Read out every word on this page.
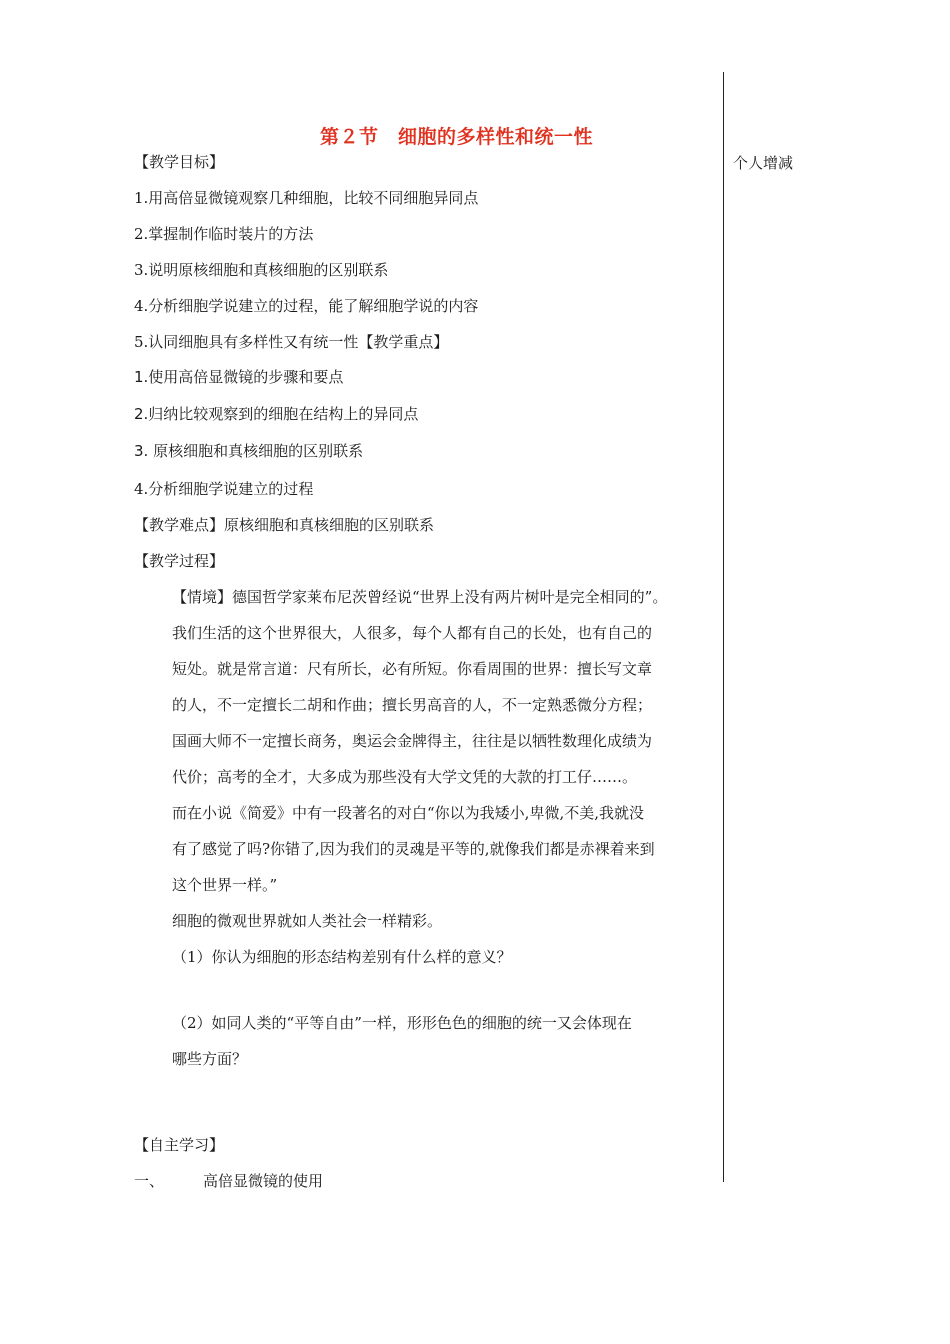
个人增减
第２节　细胞的多样性和统一性
【教学目标】
1.用高倍显微镜观察几种细胞，比较不同细胞异同点
2.掌握制作临时装片的方法
3.说明原核细胞和真核细胞的区别联系
4.分析细胞学说建立的过程，能了解细胞学说的内容
5.认同细胞具有多样性又有统一性【教学重点】
1.使用高倍显微镜的步骤和要点
2.归纳比较观察到的细胞在结构上的异同点
3. 原核细胞和真核细胞的区别联系
4.分析细胞学说建立的过程
【教学难点】原核细胞和真核细胞的区别联系
【教学过程】
【情境】德国哲学家莱布尼茨曾经说“世界上没有两片树叶是完全相同的”。
我们生活的这个世界很大，人很多，每个人都有自己的长处，也有自己的
短处。就是常言道：尺有所长，必有所短。你看周围的世界：擅长写文章
的人，不一定擅长二胡和作曲；擅长男高音的人，不一定熟悉微分方程；
国画大师不一定擅长商务，奥运会金牌得主，往往是以牺牲数理化成绩为
代价；高考的全才，大多成为那些没有大学文凭的大款的打工仔……。
而在小说《简爱》中有一段著名的对白“你以为我矮小,卑微,不美,我就没
有了感觉了吗?你错了,因为我们的灵魂是平等的,就像我们都是赤裸着来到
这个世界一样。”
细胞的微观世界就如人类社会一样精彩。
（1）你认为细胞的形态结构差别有什么样的意义？
（2）如同人类的“平等自由”一样，形形色色的细胞的统一又会体现在
哪些方面？
【自主学习】
一、	高倍显微镜的使用
